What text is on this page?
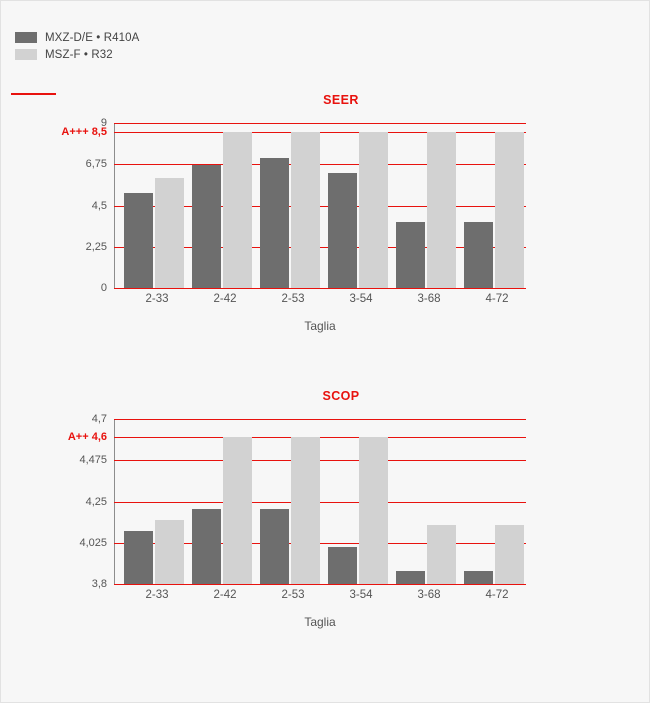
MXZ-D/E • R410A
MSZ-F • R32
SEER
0
2,25
4,5
6,75
9
A+++ 8,5
2-33	2-42	2-53	3-54	3-68	4-72
Taglia
SCOP
3,8
4,025
4,25
4,475
4,7
A++ 4,6
2-33	2-42	2-53	3-54	3-68	4-72
Taglia
